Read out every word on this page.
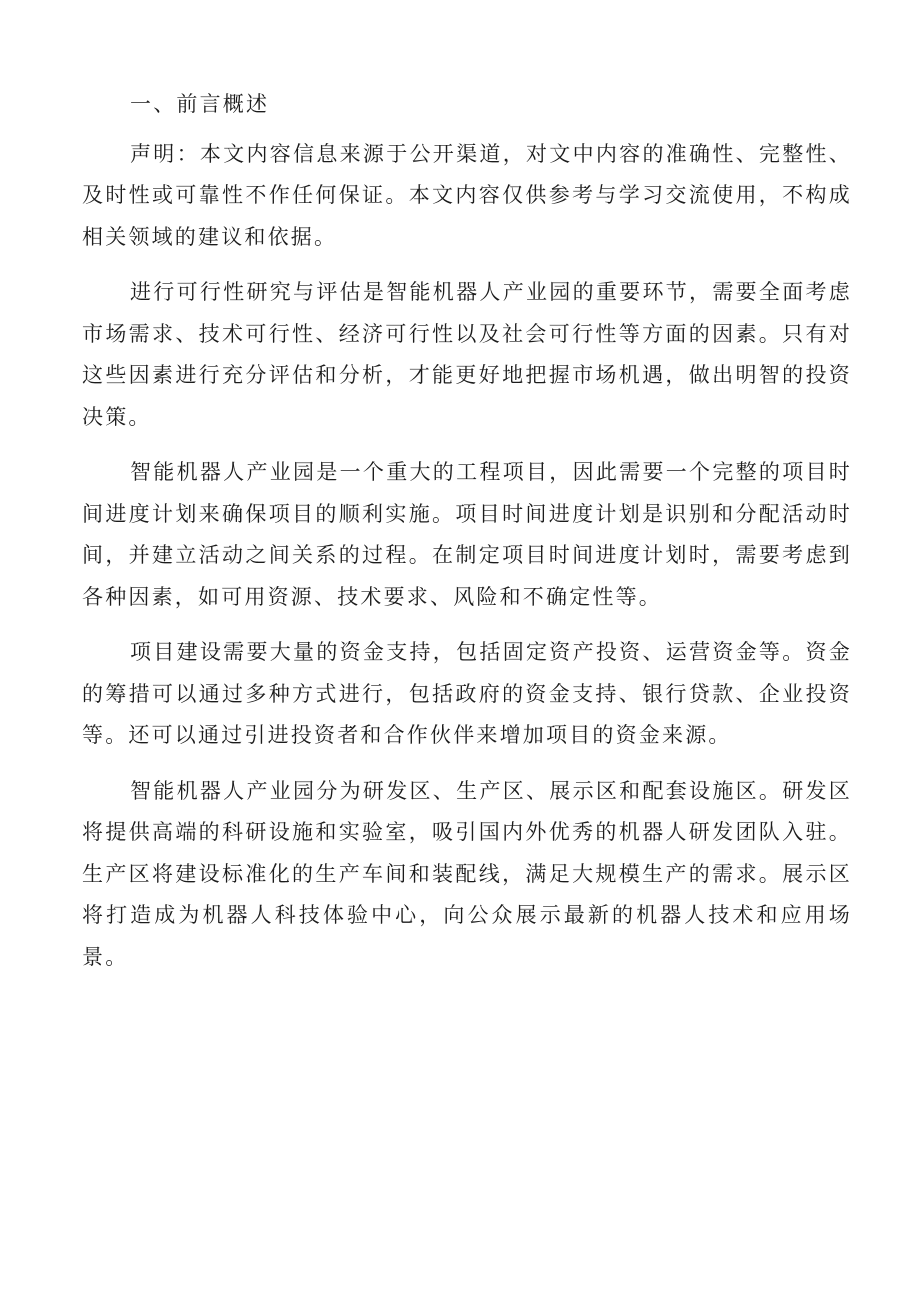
一、前言概述

声明：本文内容信息来源于公开渠道，对文中内容的准确性、完整性、及时性或可靠性不作任何保证。本文内容仅供参考与学习交流使用，不构成相关领域的建议和依据。

进行可行性研究与评估是智能机器人产业园的重要环节，需要全面考虑市场需求、技术可行性、经济可行性以及社会可行性等方面的因素。只有对这些因素进行充分评估和分析，才能更好地把握市场机遇，做出明智的投资决策。

智能机器人产业园是一个重大的工程项目，因此需要一个完整的项目时间进度计划来确保项目的顺利实施。项目时间进度计划是识别和分配活动时间，并建立活动之间关系的过程。在制定项目时间进度计划时，需要考虑到各种因素，如可用资源、技术要求、风险和不确定性等。

项目建设需要大量的资金支持，包括固定资产投资、运营资金等。资金的筹措可以通过多种方式进行，包括政府的资金支持、银行贷款、企业投资等。还可以通过引进投资者和合作伙伴来增加项目的资金来源。

智能机器人产业园分为研发区、生产区、展示区和配套设施区。研发区将提供高端的科研设施和实验室，吸引国内外优秀的机器人研发团队入驻。生产区将建设标准化的生产车间和装配线，满足大规模生产的需求。展示区将打造成为机器人科技体验中心，向公众展示最新的机器人技术和应用场景。
